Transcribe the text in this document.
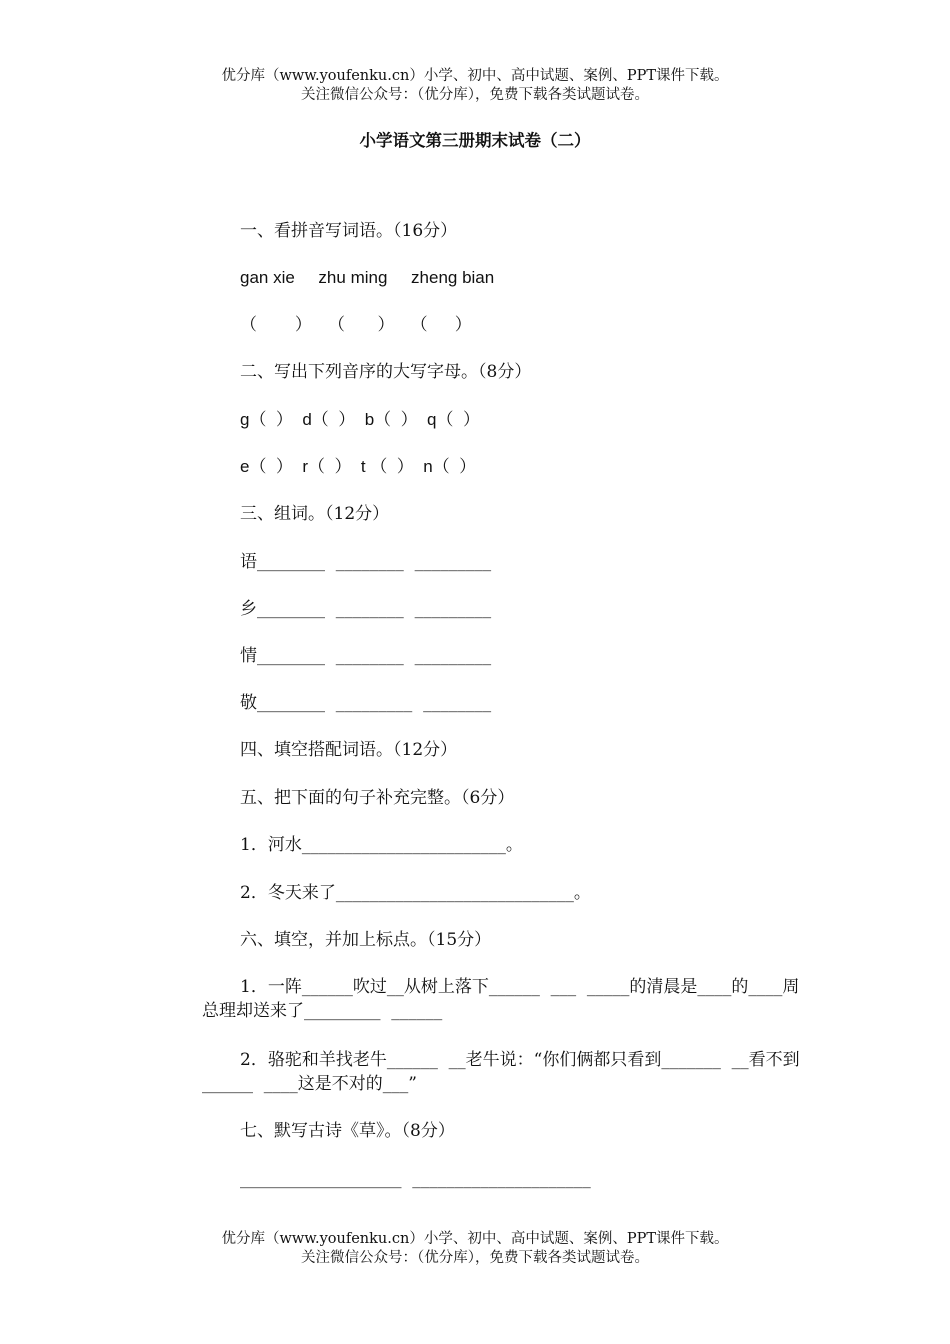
优分库（www.youfenku.cn）小学、初中、高中试题、案例、PPT课件下载。
关注微信公众号：（优分库），免费下载各类试题试卷。
小学语文第三册期末试卷（二）
一、看拼音写词语。（16分）
gan xie     zhu ming     zheng bian
（       ）   （      ）   （     ）
二、写出下列音序的大写字母。（8分）
g（  ）  d（  ）  b（  ）  q（  ）
e（  ）  r（  ）  t （  ）  n（  ）
三、组词。（12分）
语________  ________  _________
乡________  ________  _________
情________  ________  _________
敬________  _________  ________
四、填空搭配词语。（12分）
五、把下面的句子补充完整。（6分）
1．河水________________________。
2．冬天来了____________________________。
六、填空，并加上标点。（15分）
1．一阵______吹过__从树上落下______  ___  _____的清晨是____的____周总理却送来了_________  ______
2．骆驼和羊找老牛______  __老牛说：“你们俩都只看到_______  __看不到______  ____这是不对的___”
七、默写古诗《草》。（8分）
___________________  _____________________
优分库（www.youfenku.cn）小学、初中、高中试题、案例、PPT课件下载。
关注微信公众号：（优分库），免费下载各类试题试卷。
